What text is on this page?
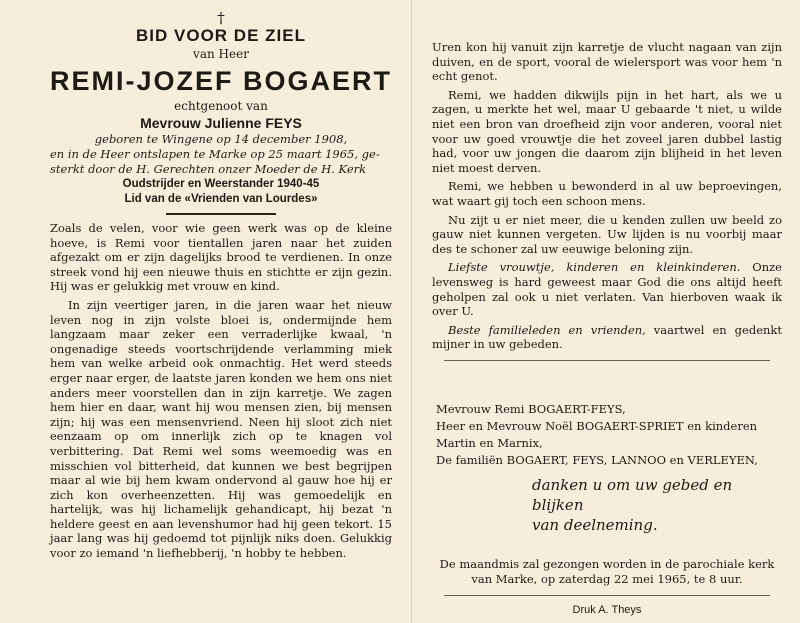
†
BID VOOR DE ZIEL
van Heer
REMI-JOZEF BOGAERT
echtgenoot van
Mevrouw Julienne FEYS
geboren te Wingene op 14 december 1908,
en in de Heer ontslapen te Marke op 25 maart 1965, ge-
sterkt door de H. Gerechten onzer Moeder de H. Kerk
Oudstrijder en Weerstander 1940-45
Lid van de «Vrienden van Lourdes»

Zoals de velen, voor wie geen werk was op de kleine hoeve, is Remi voor tientallen jaren naar het zuiden afgezakt om er zijn dagelijks brood te verdienen. In onze streek vond hij een nieuwe thuis en stichtte er zijn gezin. Hij was er gelukkig met vrouw en kind.

In zijn veertiger jaren, in die jaren waar het nieuw leven nog in zijn volste bloei is, ondermijnde hem langzaam maar zeker een verraderlijke kwaal, 'n ongenadige steeds voortschrijdende verlamming miek hem van welke arbeid ook onmachtig. Het werd steeds erger naar erger, de laatste jaren konden we hem ons niet anders meer voorstellen dan in zijn karretje. We zagen hem hier en daar, want hij wou mensen zien, bij mensen zijn; hij was een mensenvriend. Neen hij sloot zich niet eenzaam op om innerlijk zich op te knagen vol verbittering. Dat Remi wel soms weemoedig was en misschien vol bitterheid, dat kunnen we best begrijpen maar al wie bij hem kwam ondervond al gauw hoe hij er zich kon overheenzetten. Hij was gemoedelijk en hartelijk, was hij lichamelijk gehandicapt, hij bezat 'n heldere geest en aan levenshumor had hij geen tekort. 15 jaar lang was hij gedoemd tot pijnlijk niks doen. Gelukkig voor zo iemand 'n liefhebberij, 'n hobby te hebben.

Uren kon hij vanuit zijn karretje de vlucht nagaan van zijn duiven, en de sport, vooral de wielersport was voor hem 'n echt genot.

Remi, we hadden dikwijls pijn in het hart, als we u zagen, u merkte het wel, maar U gebaarde 't niet, u wilde niet een bron van droefheid zijn voor anderen, vooral niet voor uw goed vrouwtje die het zoveel jaren dubbel lastig had, voor uw jongen die daarom zijn blijheid in het leven niet moest derven.

Remi, we hebben u bewonderd in al uw beproevingen, wat waart gij toch een schoon mens.

Nu zijt u er niet meer, die u kenden zullen uw beeld zo gauw niet kunnen vergeten. Uw lijden is nu voorbij maar des te schoner zal uw eeuwige beloning zijn.

Liefste vrouwtje, kinderen en kleinkinderen. Onze levensweg is hard geweest maar God die ons altijd heeft geholpen zal ook u niet verlaten. Van hierboven waak ik over U.

Beste familieleden en vrienden, vaartwel en gedenkt mijner in uw gebeden.

Mevrouw Remi BOGAERT-FEYS,
Heer en Mevrouw Noël BOGAERT-SPRIET en kinderen Martin en Marnix,
De familiën BOGAERT, FEYS, LANNOO en VERLEYEN,
danken u om uw gebed en blijken
van deelneming.
De maandmis zal gezongen worden in de parochiale kerk van Marke, op zaterdag 22 mei 1965, te 8 uur.
Druk A. Theys
